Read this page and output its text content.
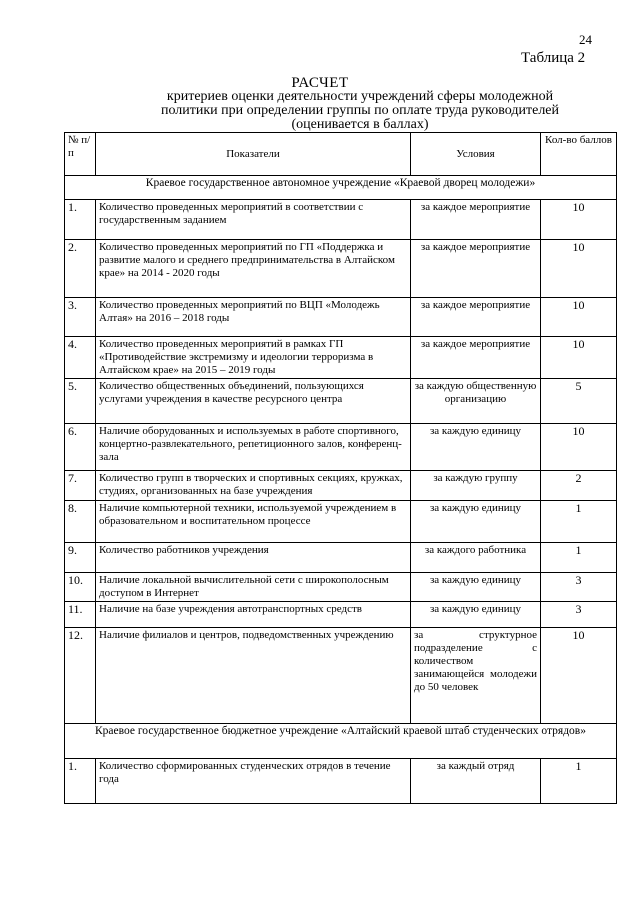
24
Таблица 2
РАСЧЕТ
критериев оценки деятельности учреждений сферы молодежной
политики при определении группы по оплате труда руководителей
(оценивается в баллах)
№ п/п	Показатели	Условия	Кол-во баллов
Краевое государственное автономное учреждение «Краевой дворец молодежи»			
1.	Количество проведенных мероприятий в соответствии с государственным заданием	за каждое мероприятие	10
2.	Количество проведенных мероприятий по ГП «Поддержка и развитие малого и среднего предпринимательства в Алтайском крае» на 2014 - 2020 годы	за каждое мероприятие	10
3.	Количество проведенных мероприятий по ВЦП «Молодежь Алтая» на 2016 – 2018 годы	за каждое мероприятие	10
4.	Количество проведенных мероприятий в рамках ГП «Противодействие экстремизму и идеологии терроризма в Алтайском крае» на 2015 – 2019 годы	за каждое мероприятие	10
5.	Количество общественных объединений, пользующихся услугами учреждения в качестве ресурсного центра	за каждую общественную организацию	5
6.	Наличие оборудованных и используемых в работе спортивного, концертно-развлекательного, репетиционного залов, конференц-зала	за каждую единицу	10
7.	Количество групп в творческих и спортивных секциях, кружках, студиях, организованных на базе учреждения	за каждую группу	2
8.	Наличие компьютерной техники, используемой учреждением в образовательном и воспитательном процессе	за каждую единицу	1
9.	Количество работников учреждения	за каждого работника	1
10.	Наличие локальной вычислительной сети с широкополосным доступом в Интернет	за каждую единицу	3
11.	Наличие на базе учреждения автотранспортных средств	за каждую единицу	3
12.	Наличие филиалов и центров, подведомственных учреждению	за структурное подразделение с количеством занимающейся молодежи до 50 человек	10
Краевое государственное бюджетное учреждение «Алтайский краевой штаб студенческих отрядов»			
1.	Количество сформированных студенческих отрядов в течение года	за каждый отряд	1
